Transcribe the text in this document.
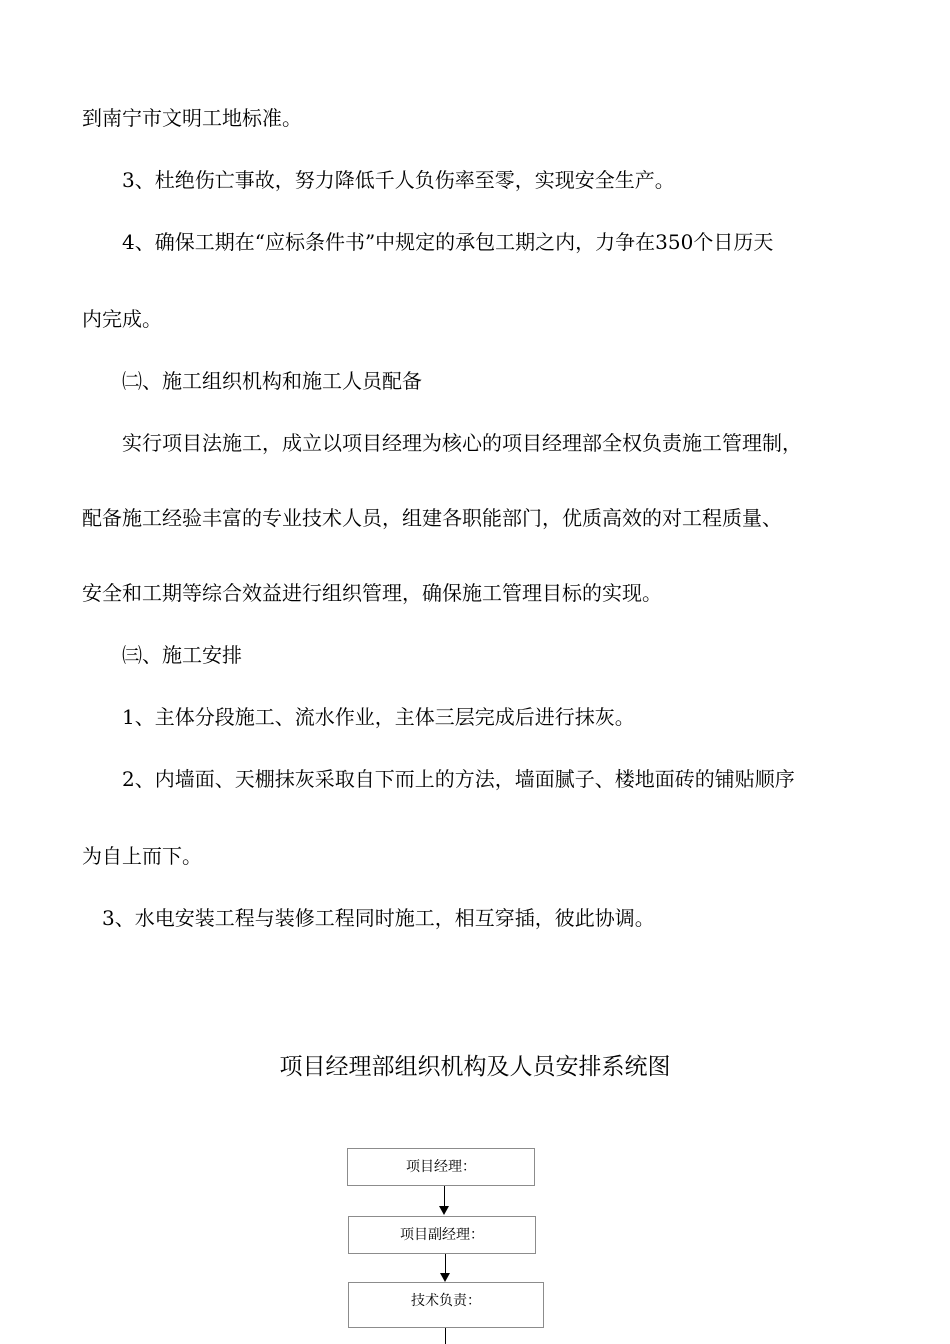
到南宁市文明工地标准。

3、杜绝伤亡事故，努力降低千人负伤率至零，实现安全生产。

4、确保工期在“应标条件书”中规定的承包工期之内，力争在350个日历天

内完成。

㈡、施工组织机构和施工人员配备

实行项目法施工，成立以项目经理为核心的项目经理部全权负责施工管理制，

配备施工经验丰富的专业技术人员，组建各职能部门，优质高效的对工程质量、

安全和工期等综合效益进行组织管理，确保施工管理目标的实现。

㈢、施工安排

1、主体分段施工、流水作业，主体三层完成后进行抹灰。

2、内墙面、天棚抹灰采取自下而上的方法，墙面腻子、楼地面砖的铺贴顺序

为自上而下。

3、水电安装工程与装修工程同时施工，相互穿插，彼此协调。

项目经理部组织机构及人员安排系统图
项目经理：
项目副经理：
技术负责：
